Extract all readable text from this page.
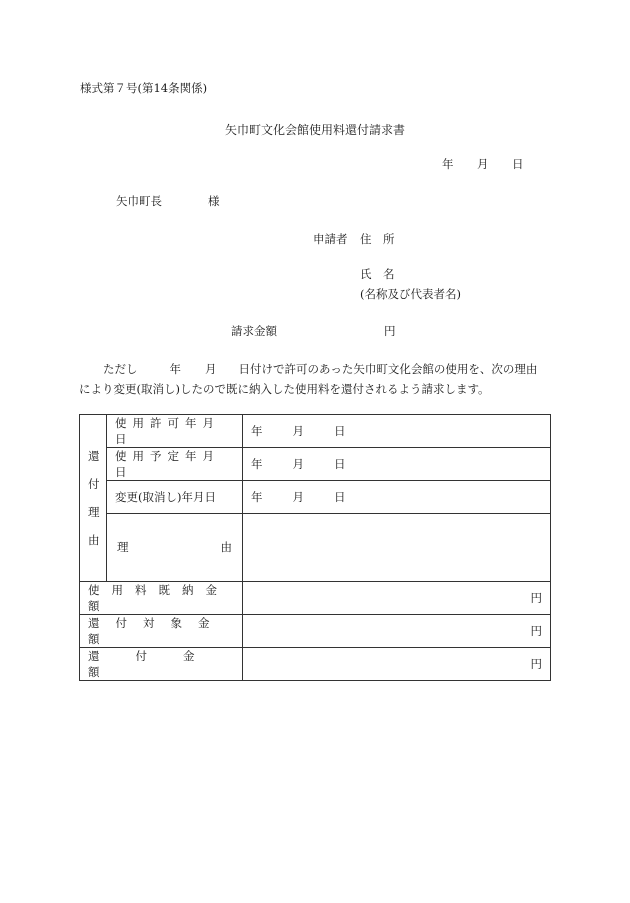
様式第７号(第14条関係)
矢巾町文化会館使用料還付請求書
年 月 日
矢巾町長	様
申請者 住　所
氏　名
(名称及び代表者名)
請求金額	円
ただし	年 月 日付けで許可のあった矢巾町文化会館の使用を、次の理由
により変更(取消し)したので既に納入した使用料を還付されるよう請求します。
還
付
理
由	使用許可年月日	年 月 日
	使用予定年月日	年 月 日
	変更(取消し)年月日	年 月 日
	理 由	

使用料既納金額		円
還付対象金額		円
還付金額		円
